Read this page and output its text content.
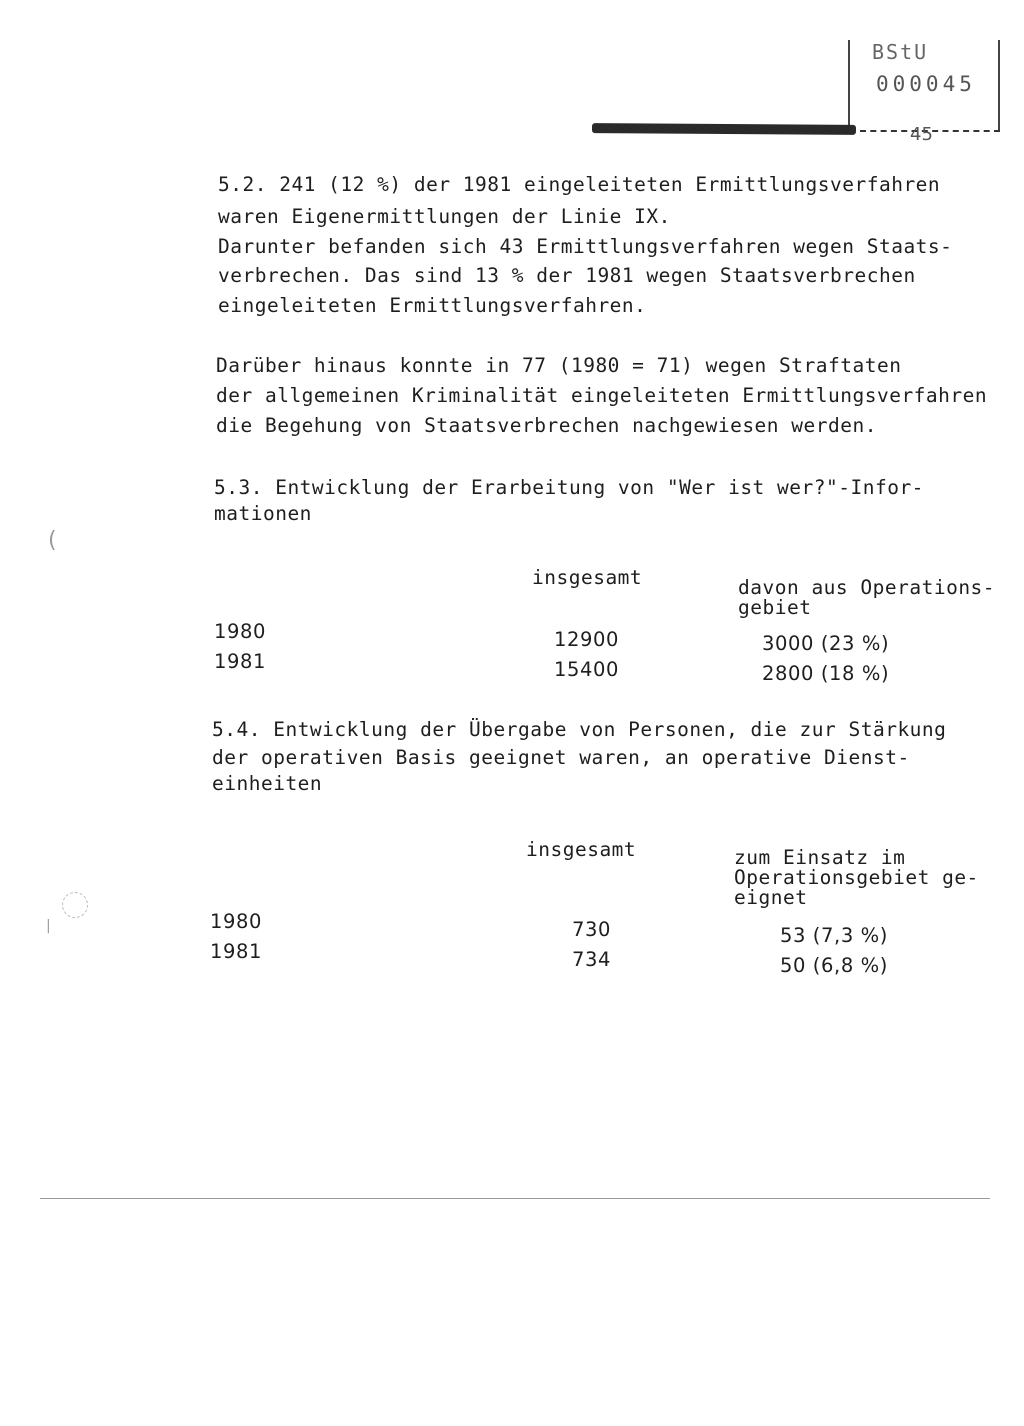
BStU
000045
45
5.2. 241 (12 %) der 1981 eingeleiteten Ermittlungsverfahren
waren Eigenermittlungen der Linie IX.
Darunter befanden sich 43 Ermittlungsverfahren wegen Staats-
verbrechen. Das sind 13 % der 1981 wegen Staatsverbrechen
eingeleiteten Ermittlungsverfahren.
Darüber hinaus konnte in 77 (1980 = 71) wegen Straftaten
der allgemeinen Kriminalität eingeleiteten Ermittlungsverfahren
die Begehung von Staatsverbrechen nachgewiesen werden.
5.3. Entwicklung der Erarbeitung von "Wer ist wer?"-Infor-
mationen
insgesamt	davon aus Operations-
gebiet
1980	12900	3000 (23 %)
1981	15400	2800 (18 %)
5.4. Entwicklung der Übergabe von Personen, die zur Stärkung
der operativen Basis geeignet waren, an operative Dienst-
einheiten
insgesamt	zum Einsatz im
Operationsgebiet ge-
eignet
1980	730	53 (7,3 %)
1981	734	50 (6,8 %)
(
|
